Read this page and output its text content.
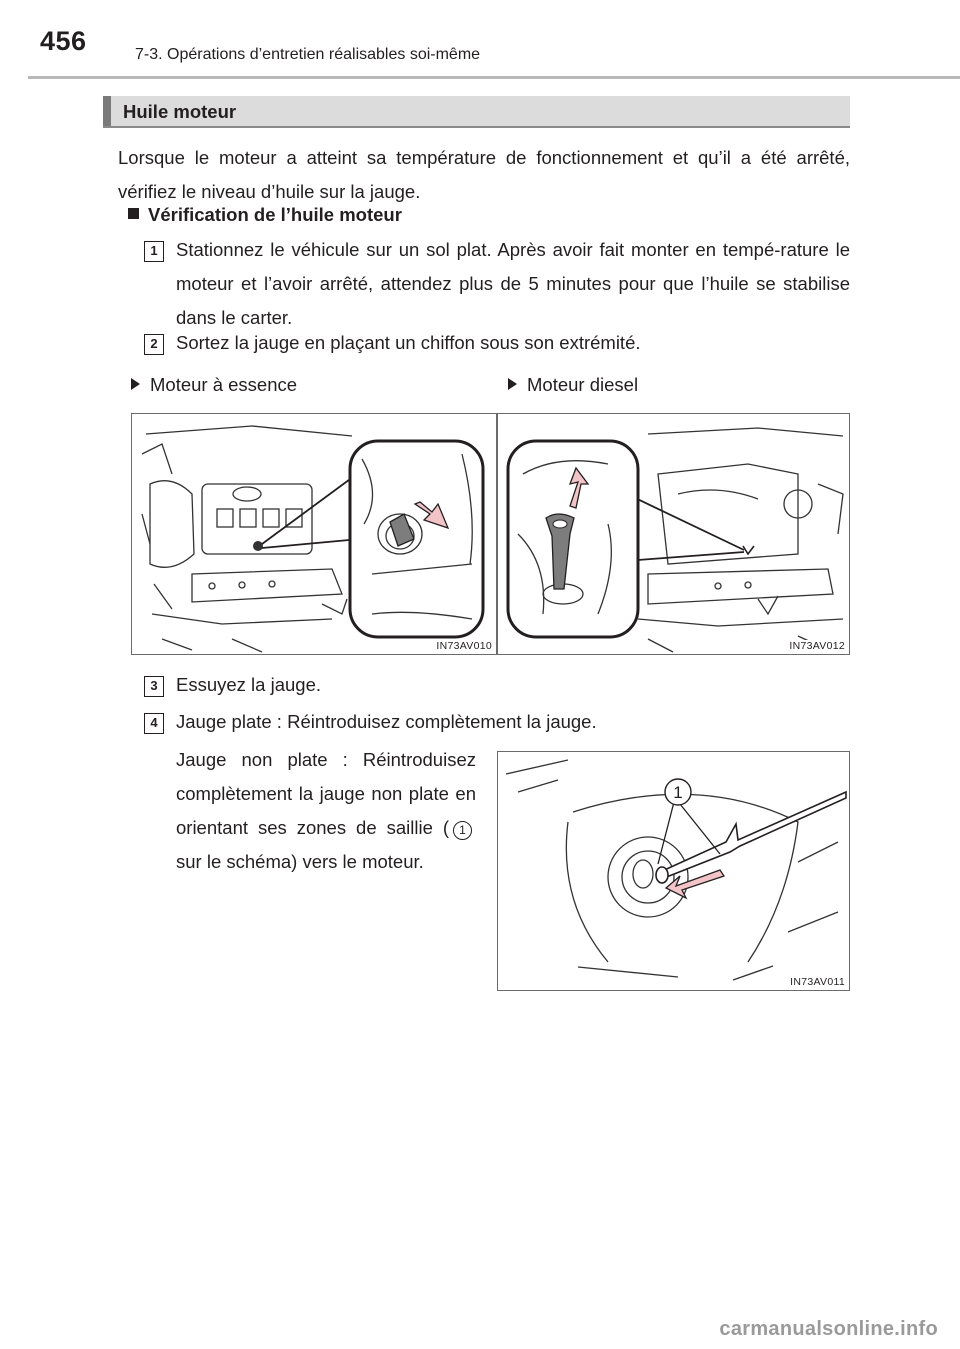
456	7-3. Opérations d’entretien réalisables soi-même
Huile moteur
Lorsque le moteur a atteint sa température de fonctionnement et qu’il a été arrêté, vérifiez le niveau d’huile sur la jauge.
Vérification de l’huile moteur
1 Stationnez le véhicule sur un sol plat. Après avoir fait monter en tempé-rature le moteur et l’avoir arrêté, attendez plus de 5 minutes pour que l’huile se stabilise dans le carter.
2 Sortez la jauge en plaçant un chiffon sous son extrémité.
Moteur à essence	Moteur diesel
IN73AV010	IN73AV012
3 Essuyez la jauge.
4 Jauge plate : Réintroduisez complètement la jauge.
Jauge non plate : Réintroduisez complètement la jauge non plate en orientant ses zones de saillie ( 1 sur le schéma) vers le moteur.
1
IN73AV011
carmanualsonline.info
